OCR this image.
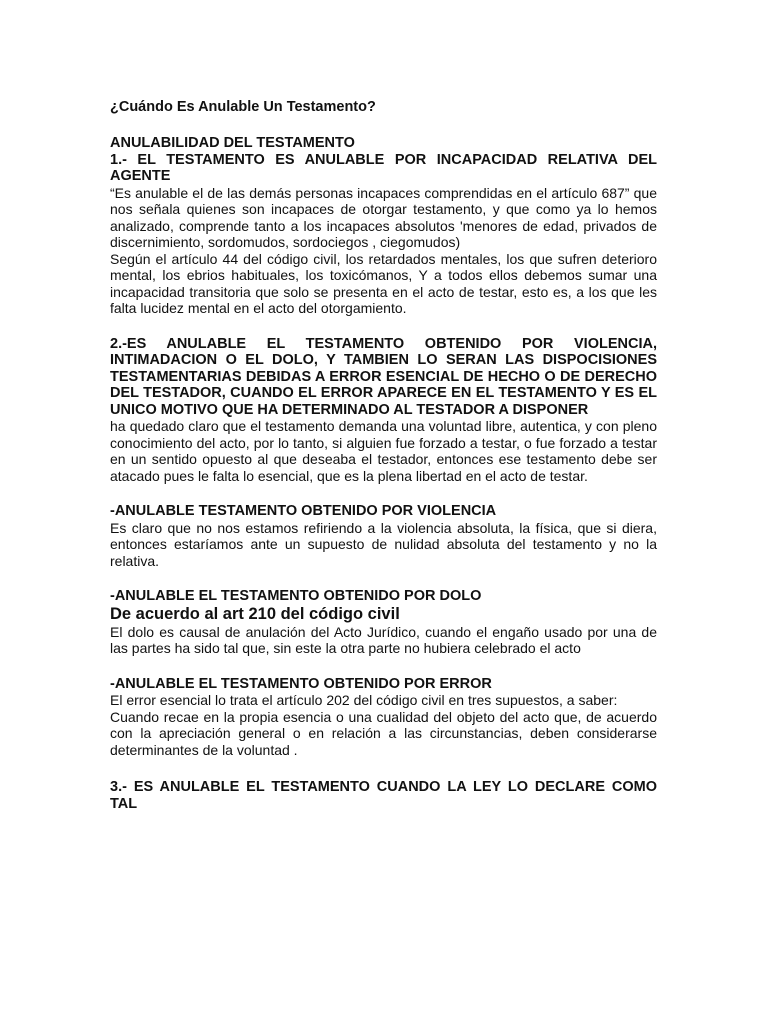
¿Cuándo Es Anulable Un Testamento?

ANULABILIDAD DEL TESTAMENTO

1.- EL TESTAMENTO ES ANULABLE POR INCAPACIDAD RELATIVA DEL AGENTE

“Es anulable el de las demás personas incapaces comprendidas en el artículo 687” que nos señala quienes son incapaces de otorgar testamento, y que como ya lo hemos analizado, comprende tanto a los incapaces absolutos 'menores de edad, privados de discernimiento, sordomudos, sordociegos , ciegomudos)

Según el artículo 44 del código civil, los retardados mentales, los que sufren deterioro mental, los ebrios habituales, los toxicómanos, Y a todos ellos debemos sumar una incapacidad transitoria que solo se presenta en el acto de testar, esto es, a los que les falta lucidez mental en el acto del otorgamiento.

2.-ES ANULABLE EL TESTAMENTO OBTENIDO POR VIOLENCIA, INTIMADACION O EL DOLO, Y TAMBIEN LO SERAN LAS DISPOCISIONES TESTAMENTARIAS DEBIDAS A ERROR ESENCIAL DE HECHO O DE DERECHO DEL TESTADOR, CUANDO EL ERROR APARECE EN EL TESTAMENTO Y ES EL UNICO MOTIVO QUE HA DETERMINADO AL TESTADOR A DISPONER

ha quedado claro que el testamento demanda una voluntad libre, autentica, y con pleno conocimiento del acto, por lo tanto, si alguien fue forzado a testar, o fue forzado a testar en un sentido opuesto al que deseaba el testador, entonces ese testamento debe ser atacado pues le falta lo esencial, que es la plena libertad en el acto de testar.

-ANULABLE TESTAMENTO OBTENIDO POR VIOLENCIA

Es claro que no nos estamos refiriendo a la violencia absoluta, la física, que si diera, entonces estaríamos ante un supuesto de nulidad absoluta del testamento y no la relativa.

-ANULABLE EL TESTAMENTO OBTENIDO POR DOLO

De acuerdo al art 210 del código civil

El dolo es causal de anulación del Acto Jurídico, cuando el engaño usado por una de las partes ha sido tal que, sin este la otra parte no hubiera celebrado el acto

-ANULABLE EL TESTAMENTO OBTENIDO POR ERROR

El error esencial lo trata el artículo 202 del código civil en tres supuestos, a saber:

Cuando recae en la propia esencia o una cualidad del objeto del acto que, de acuerdo con la apreciación general o en relación a las circunstancias, deben considerarse determinantes de la voluntad .

3.- ES ANULABLE EL TESTAMENTO CUANDO LA LEY LO DECLARE COMO TAL
